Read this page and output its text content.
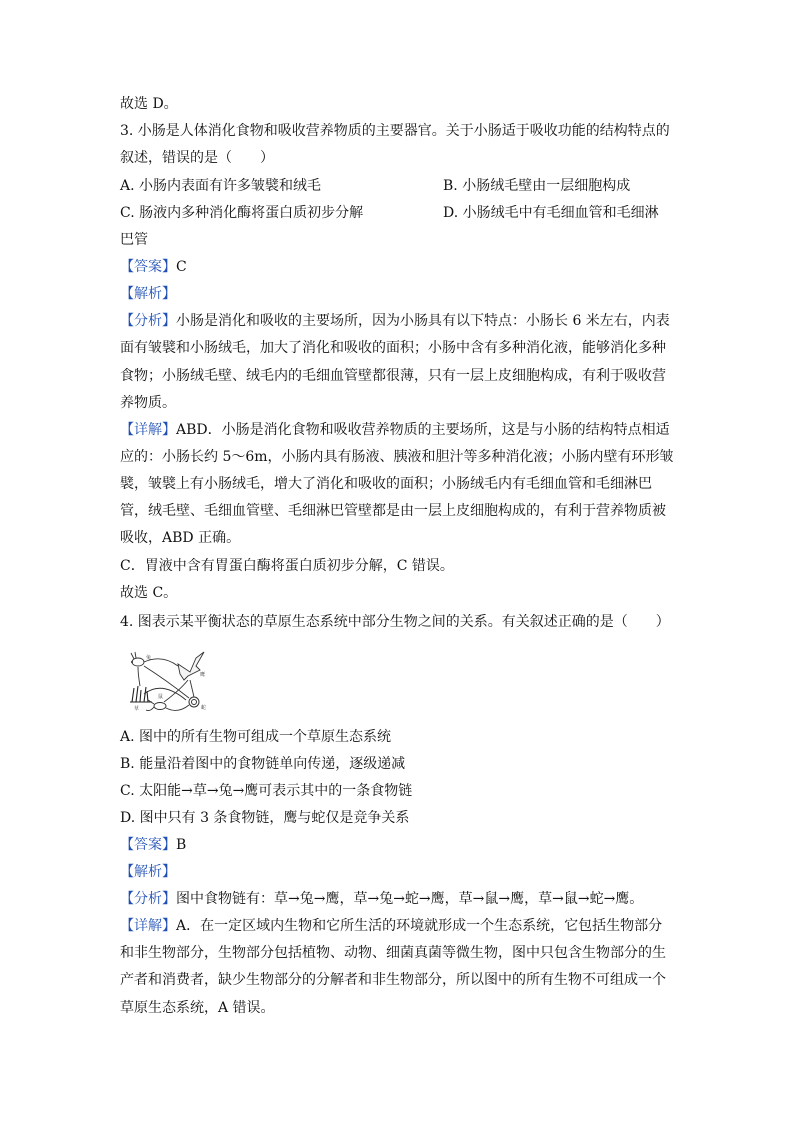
故选 D。
3. 小肠是人体消化食物和吸收营养物质的主要器官。关于小肠适于吸收功能的结构特点的
叙述，错误的是（　　）
A. 小肠内表面有许多皱襞和绒毛	B. 小肠绒毛壁由一层细胞构成
C. 肠液内多种消化酶将蛋白质初步分解	D. 小肠绒毛中有毛细血管和毛细淋
巴管
【答案】C
【解析】
【分析】小肠是消化和吸收的主要场所，因为小肠具有以下特点：小肠长 6 米左右，内表
面有皱襞和小肠绒毛，加大了消化和吸收的面积；小肠中含有多种消化液，能够消化多种
食物；小肠绒毛壁、绒毛内的毛细血管壁都很薄，只有一层上皮细胞构成，有利于吸收营
养物质。
【详解】ABD．小肠是消化食物和吸收营养物质的主要场所，这是与小肠的结构特点相适
应的：小肠长约 5～6m，小肠内具有肠液、胰液和胆汁等多种消化液；小肠内壁有环形皱
襞，皱襞上有小肠绒毛，增大了消化和吸收的面积；小肠绒毛内有毛细血管和毛细淋巴
管，绒毛壁、毛细血管壁、毛细淋巴管壁都是由一层上皮细胞构成的，有利于营养物质被
吸收，ABD 正确。
C．胃液中含有胃蛋白酶将蛋白质初步分解，C 错误。
故选 C。
4. 图表示某平衡状态的草原生态系统中部分生物之间的关系。有关叙述正确的是（　　）
兔
鹰
草
鼠
蛇
A. 图中的所有生物可组成一个草原生态系统
B. 能量沿着图中的食物链单向传递，逐级递减
C. 太阳能→草→兔→鹰可表示其中的一条食物链
D. 图中只有 3 条食物链，鹰与蛇仅是竞争关系
【答案】B
【解析】
【分析】图中食物链有：草→兔→鹰，草→兔→蛇→鹰，草→鼠→鹰，草→鼠→蛇→鹰。
【详解】A．在一定区域内生物和它所生活的环境就形成一个生态系统，它包括生物部分
和非生物部分，生物部分包括植物、动物、细菌真菌等微生物，图中只包含生物部分的生
产者和消费者，缺少生物部分的分解者和非生物部分，所以图中的所有生物不可组成一个
草原生态系统，A 错误。
